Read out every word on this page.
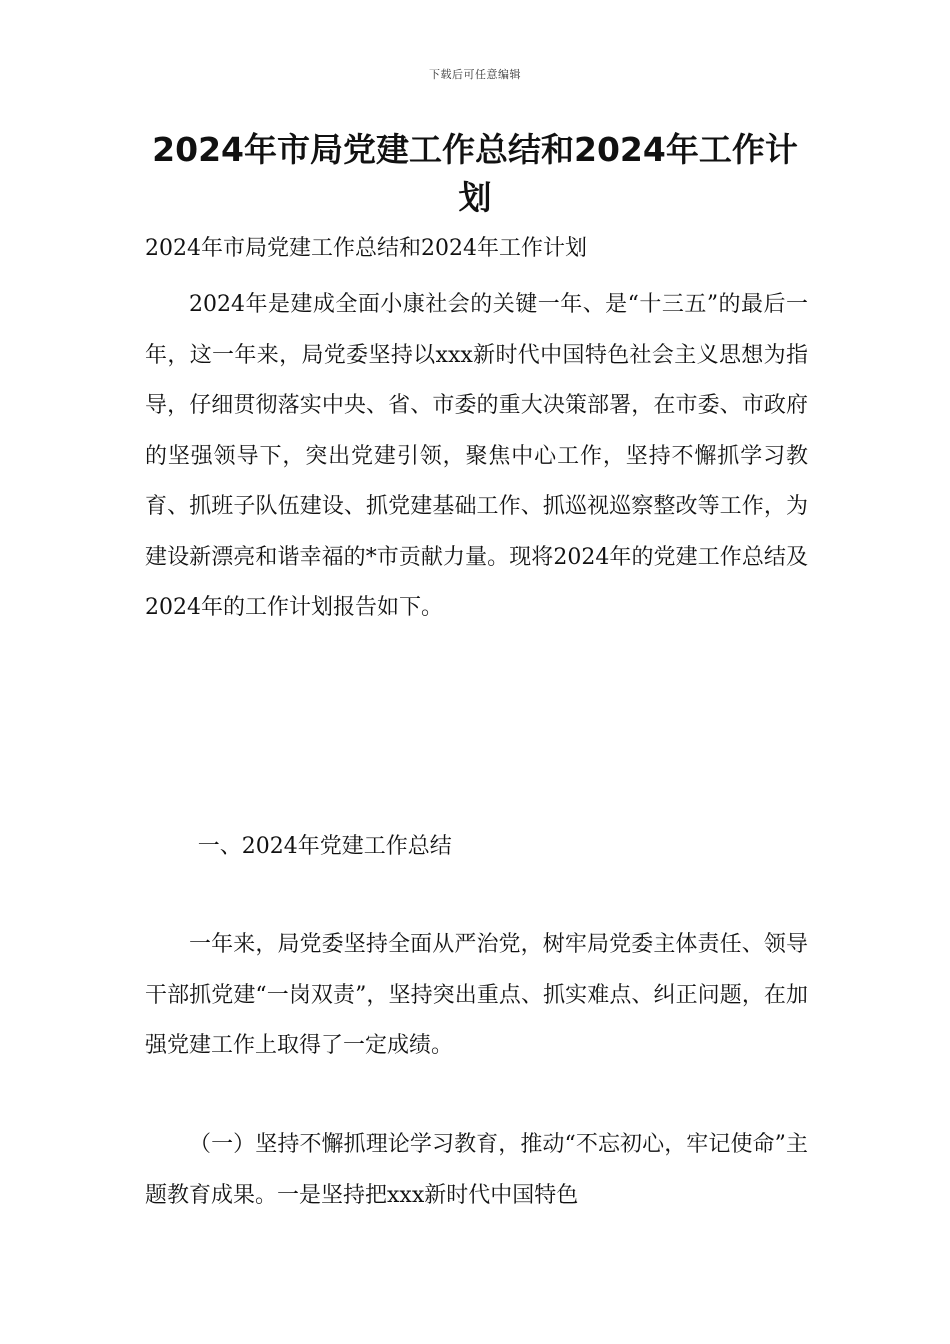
下载后可任意编辑
2024年市局党建工作总结和2024年工作计划

2024年市局党建工作总结和2024年工作计划

2024年是建成全面小康社会的关键一年、是“十三五”的最后一年，这一年来，局党委坚持以xxx新时代中国特色社会主义思想为指导，仔细贯彻落实中央、省、市委的重大决策部署，在市委、市政府的坚强领导下，突出党建引领，聚焦中心工作，坚持不懈抓学习教育、抓班子队伍建设、抓党建基础工作、抓巡视巡察整改等工作，为建设新漂亮和谐幸福的*市贡献力量。现将2024年的党建工作总结及2024年的工作计划报告如下。

一、2024年党建工作总结

一年来，局党委坚持全面从严治党，树牢局党委主体责任、领导干部抓党建“一岗双责”，坚持突出重点、抓实难点、纠正问题，在加强党建工作上取得了一定成绩。

（一）坚持不懈抓理论学习教育，推动“不忘初心，牢记使命”主题教育成果。一是坚持把xxx新时代中国特色
